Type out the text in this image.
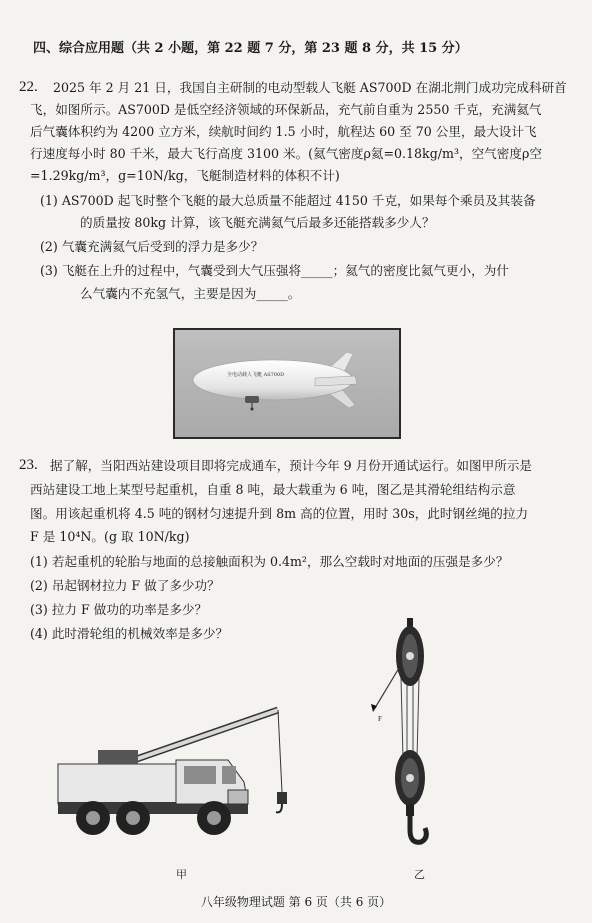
四、综合应用题（共 2 小题，第 22 题 7 分，第 23 题 8 分，共 15 分）
22. 2025 年 2 月 21 日，我国自主研制的电动型载人飞艇 AS700D 在湖北荆门成功完成科研首
飞，如图所示。AS700D 是低空经济领域的环保新品，充气前自重为 2550 千克，充满氦气
后气囊体积约为 4200 立方米，续航时间约 1.5 小时，航程达 60 至 70 公里，最大设计飞
行速度每小时 80 千米，最大飞行高度 3100 米。(氦气密度ρ氦=0.18kg/m³，空气密度ρ空
=1.29kg/m³，g=10N/kg，飞艇制造材料的体积不计)
(1) AS700D 起飞时整个飞艇的最大总质量不能超过 4150 千克，如果每个乘员及其装备
的质量按 80kg 计算，该飞艇充满氦气后最多还能搭载多少人？
(2) 气囊充满氦气后受到的浮力是多少？
(3) 飞艇在上升的过程中，气囊受到大气压强将_____；氦气的密度比氦气更小，为什
么气囊内不充氢气，主要是因为_____。
全电动载人飞艇 AS700D
23. 据了解，当阳西站建设项目即将完成通车，预计今年 9 月份开通试运行。如图甲所示是
西站建设工地上某型号起重机，自重 8 吨，最大载重为 6 吨，图乙是其滑轮组结构示意
图。用该起重机将 4.5 吨的钢材匀速提升到 8m 高的位置，用时 30s，此时钢丝绳的拉力
F 是 10⁴N。(g 取 10N/kg)
(1) 若起重机的轮胎与地面的总接触面积为 0.4m²，那么空载时对地面的压强是多少？
(2) 吊起钢材拉力 F 做了多少功？
(3) 拉力 F 做功的功率是多少？
(4) 此时滑轮组的机械效率是多少？
F
甲	乙
八年级物理试题 第 6 页（共 6 页）
